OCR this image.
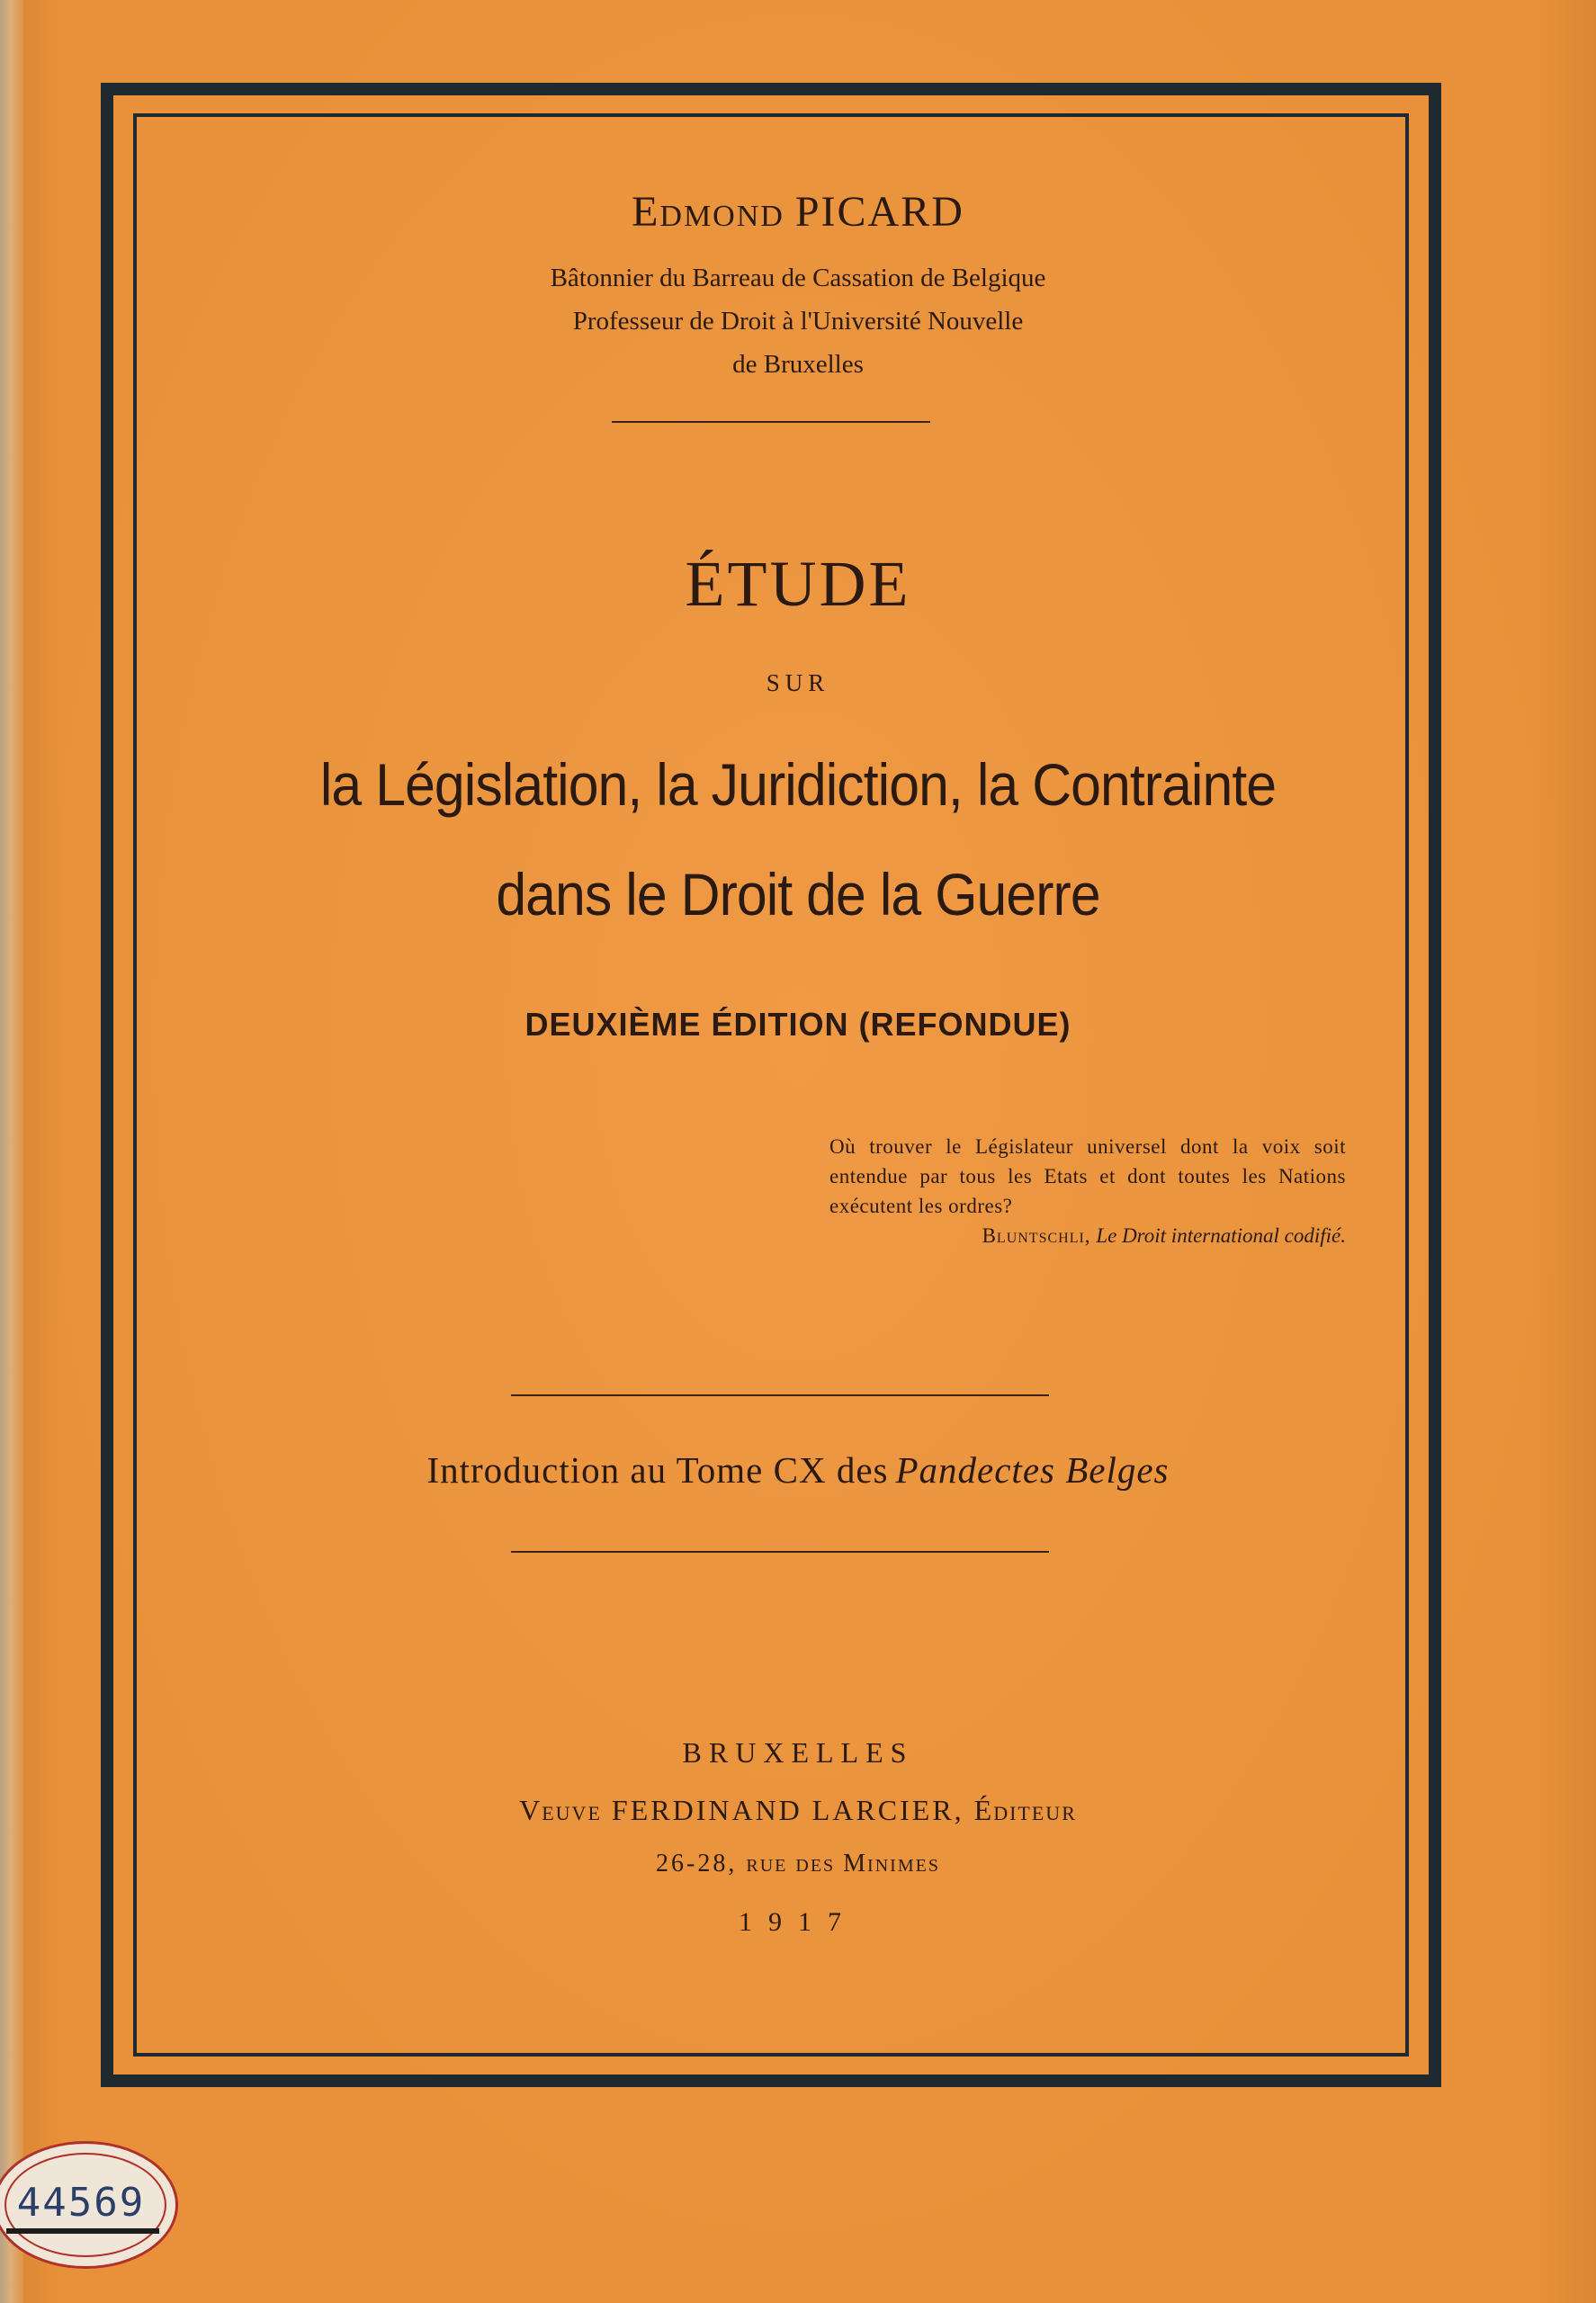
Edmond PICARD
Bâtonnier du Barreau de Cassation de Belgique
Professeur de Droit à l'Université Nouvelle
de Bruxelles
ÉTUDE
SUR
la Législation, la Juridiction, la Contrainte
dans le Droit de la Guerre
DEUXIÈME ÉDITION (REFONDUE)
Où trouver le Législateur universel dont la voix soit entendue par tous les Etats et dont toutes les Nations exécutent les ordres?
Bluntschli, Le Droit international codifié.
Introduction au Tome CX des Pandectes Belges
BRUXELLES
Veuve FERDINAND LARCIER, Éditeur
26-28, rue des Minimes
1917
44569
